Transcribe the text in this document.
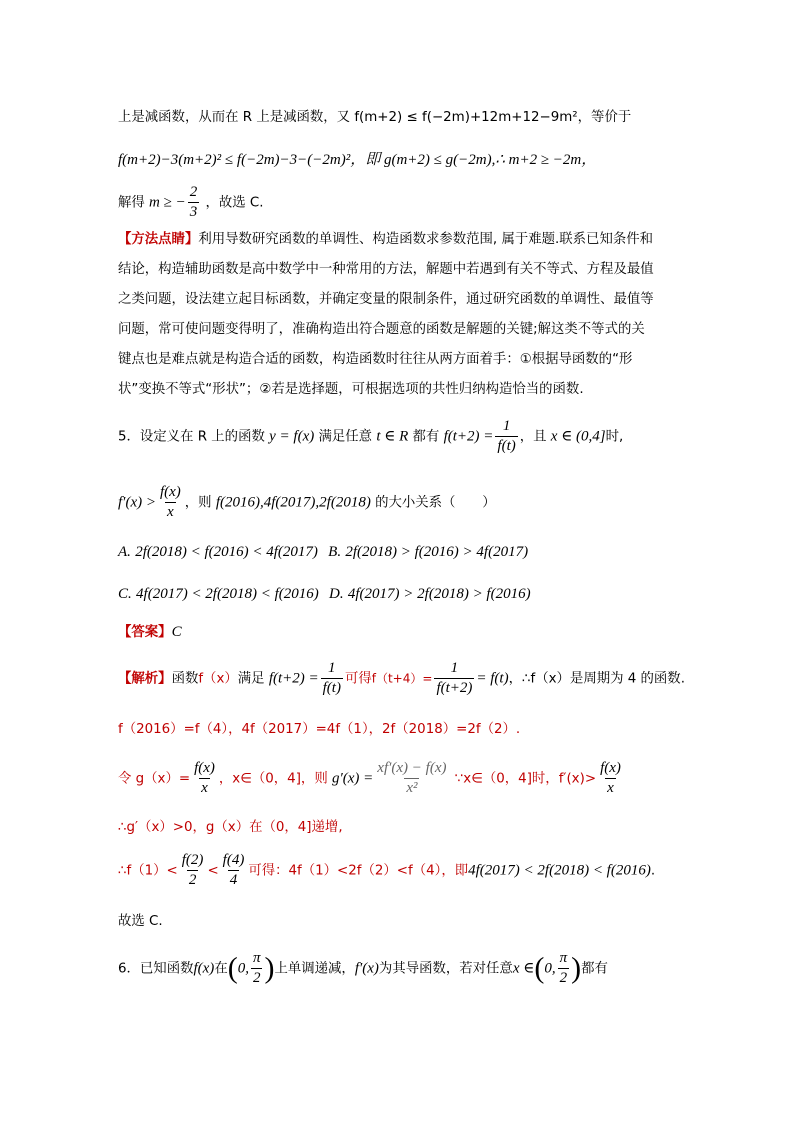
上是减函数，从而在 R 上是减函数，又 f(m+2) ≤ f(−2m)+12m+12−9m²，等价于
f(m+2)−3(m+2)² ≤ f(−2m)−3−(−2m)²，即 g(m+2) ≤ g(−2m),∴ m+2 ≥ −2m，
解得 m ≥ − $\frac{2}{3}$ ，故选 C.
【方法点睛】利用导数研究函数的单调性、构造函数求参数范围, 属于难题.联系已知条件和
结论，构造辅助函数是高中数学中一种常用的方法，解题中若遇到有关不等式、方程及最值
之类问题，设法建立起目标函数，并确定变量的限制条件，通过研究函数的单调性、最值等
问题，常可使问题变得明了，准确构造出符合题意的函数是解题的关键;解这类不等式的关
键点也是难点就是构造合适的函数，构造函数时往往从两方面着手：①根据导函数的“形
状”变换不等式“形状”；②若是选择题，可根据选项的共性归纳构造恰当的函数.
5．设定义在 R 上的函数 y = f(x) 满足任意 t ∈ R 都有 $f(t+2) = \frac{1}{f(t)}$ ，且 x ∈ (0,4]时,
$f'(x) > \frac{f(x)}{x}$ ，则 f(2016),4f(2017),2f(2018) 的大小关系（　　）
A. 2f(2018) < f(2016) < 4f(2017) B. 2f(2018) > f(2016) > 4f(2017)
C. 4f(2017) < 2f(2018) < f(2016) D. 4f(2017) > 2f(2018) > f(2016)
【答案】C
【解析】函数f（x）满足 $f(t+2) = \frac{1}{f(t)}$ 可得$f(t+4)= \frac{1}{f(t+2)} = f(t)$，∴f（x）是周期为 4 的函数.
f（2016）=f（4），4f（2017）=4f（1），2f（2018）=2f（2）.
令 $g(x)= \frac{f(x)}{x}$ ，x∈（0，4]，则 $g'(x) = \frac{xf'(x) - f(x)}{\text{x²}}$ ∵x∈（0，4]时，$f'(x)> \frac{f(x)}{x}$
∴g′（x）>0，g（x）在（0，4]递增,
∴f（1）< $\frac{f(2)}{2} < \frac{f(4)}{4}$ 可得：4f（1）<2f（2）<f（4），即4f(2017) < 2f(2018) < f(2016).
故选 C.
6．已知函数f(x)在(0, $\frac{\pi}{2}$ )上单调递减，f′(x)为其导函数，若对任意x ∈(0, $\frac{\pi}{2}$ )都有
